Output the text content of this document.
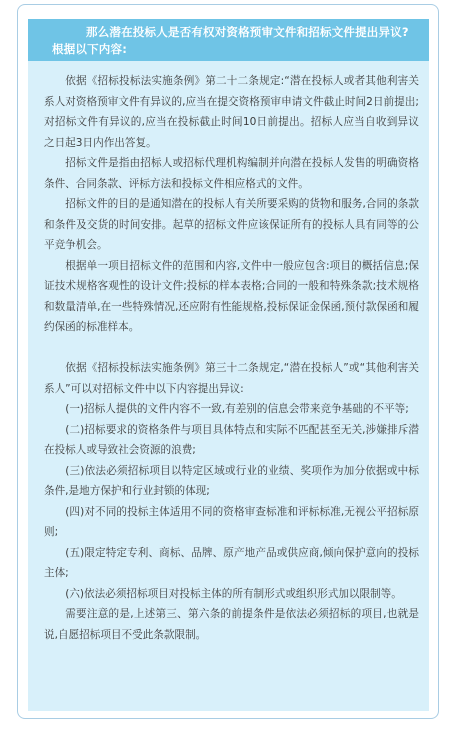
那么潜在投标人是否有权对资格预审文件和招标文件提出异议?根据以下内容:

依据《招标投标法实施条例》第二十二条规定:“潜在投标人或者其他利害关系人对资格预审文件有异议的,应当在提交资格预审申请文件截止时间2日前提出;对招标文件有异议的,应当在投标截止时间10日前提出。招标人应当自收到异议之日起3日内作出答复。

招标文件是指由招标人或招标代理机构编制并向潜在投标人发售的明确资格条件、合同条款、评标方法和投标文件相应格式的文件。

招标文件的目的是通知潜在的投标人有关所要采购的货物和服务,合同的条款和条件及交货的时间安排。起草的招标文件应该保证所有的投标人具有同等的公平竞争机会。

根据单一项目招标文件的范围和内容,文件中一般应包含:项目的概括信息;保证技术规格客观性的设计文件;投标的样本表格;合同的一般和特殊条款;技术规格和数量清单,在一些特殊情况,还应附有性能规格,投标保证金保函,预付款保函和履约保函的标准样本。

依据《招标投标法实施条例》第三十二条规定,“潜在投标人”或“其他利害关系人”可以对招标文件中以下内容提出异议:

(一)招标人提供的文件内容不一致,有差别的信息会带来竞争基础的不平等;

(二)招标要求的资格条件与项目具体特点和实际不匹配甚至无关,涉嫌排斥潜在投标人或导致社会资源的浪费;

(三)依法必须招标项目以特定区域或行业的业绩、奖项作为加分依据或中标条件,是地方保护和行业封锁的体现;

(四)对不同的投标主体适用不同的资格审查标准和评标标准,无视公平招标原则;

(五)限定特定专利、商标、品牌、原产地产品或供应商,倾向保护意向的投标主体;

(六)依法必须招标项目对投标主体的所有制形式或组织形式加以限制等。

需要注意的是,上述第三、第六条的前提条件是依法必须招标的项目,也就是说,自愿招标项目不受此条款限制。
